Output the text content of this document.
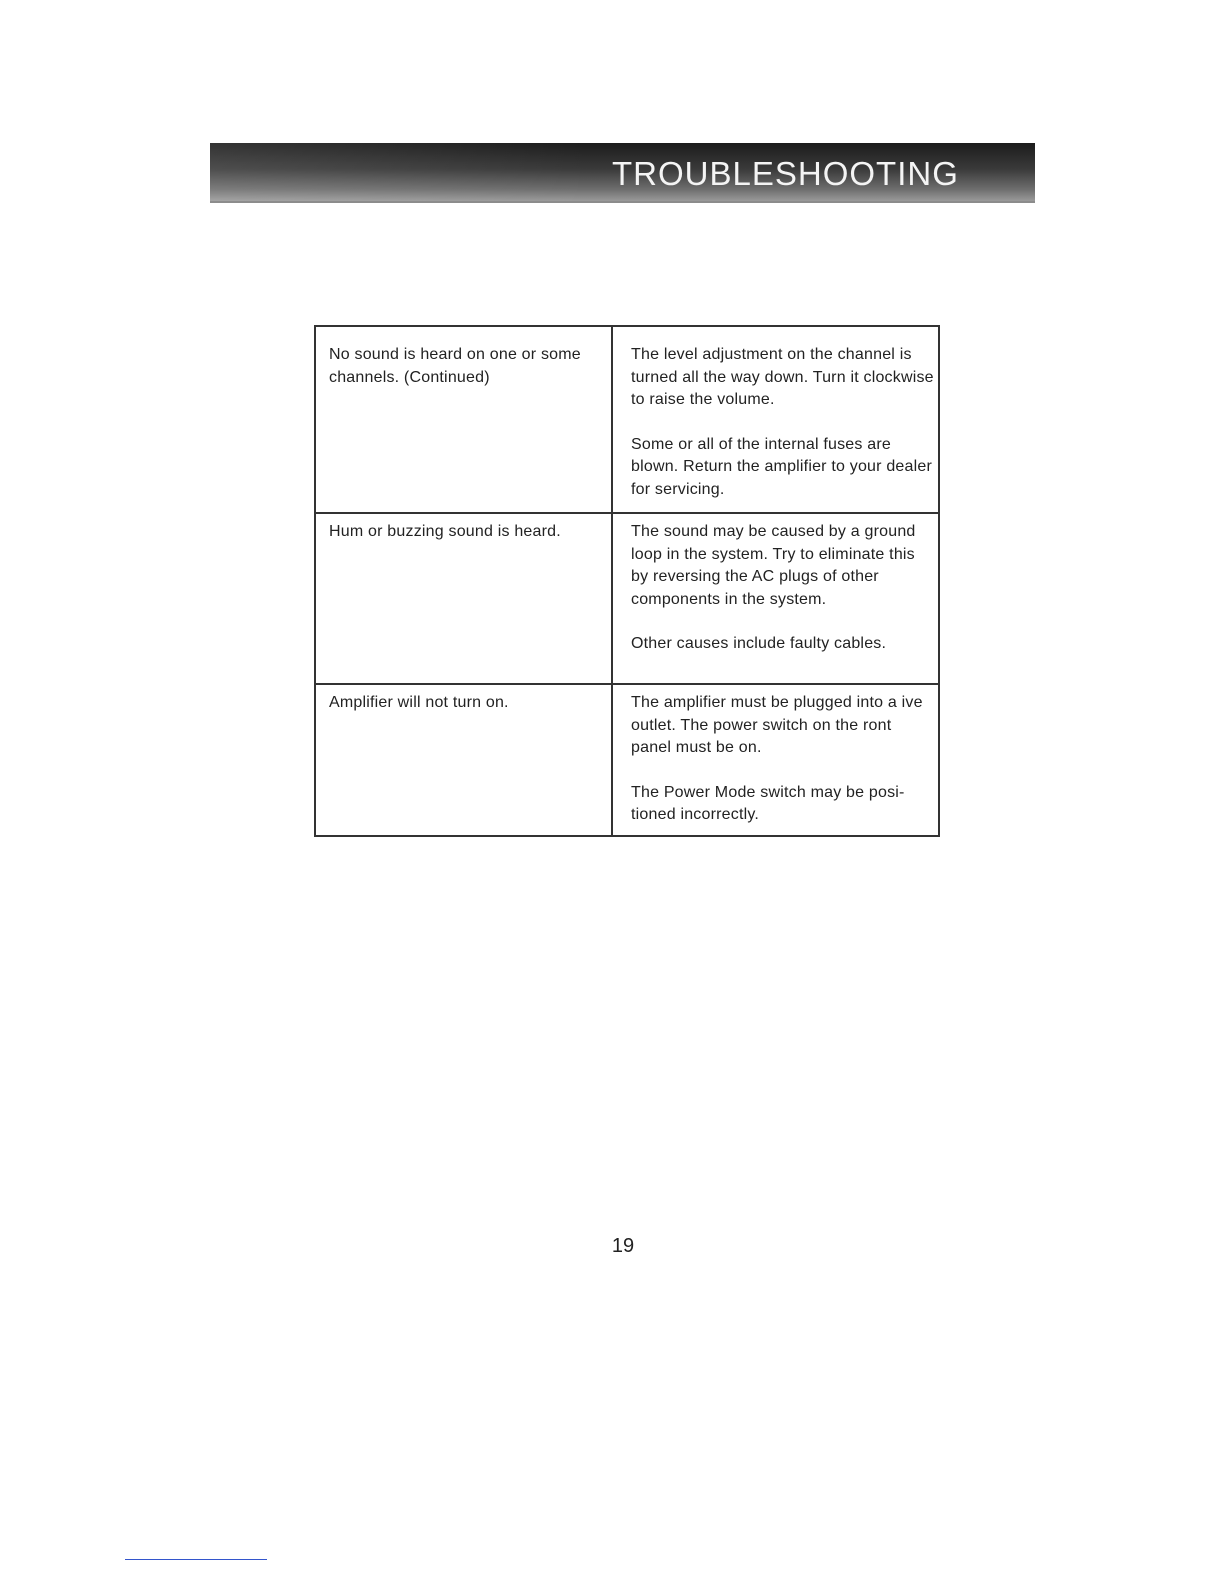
TROUBLESHOOTING
No sound is heard on one or some channels. (Continued)	The level adjustment on the channel is turned all the way down. Turn it clockwise to raise the volume.

Some or all of the internal fuses are blown. Return the amplifier to your dealer for servicing.

Hum or buzzing sound is heard.	The sound may be caused by a ground loop in the system. Try to eliminate this by reversing the AC plugs of other components in the system.

Other causes include faulty cables.

Amplifier will not turn on.	The amplifier must be plugged into a ive outlet. The power switch on the ront panel must be on.

The Power Mode switch may be posi-tioned incorrectly.

19
